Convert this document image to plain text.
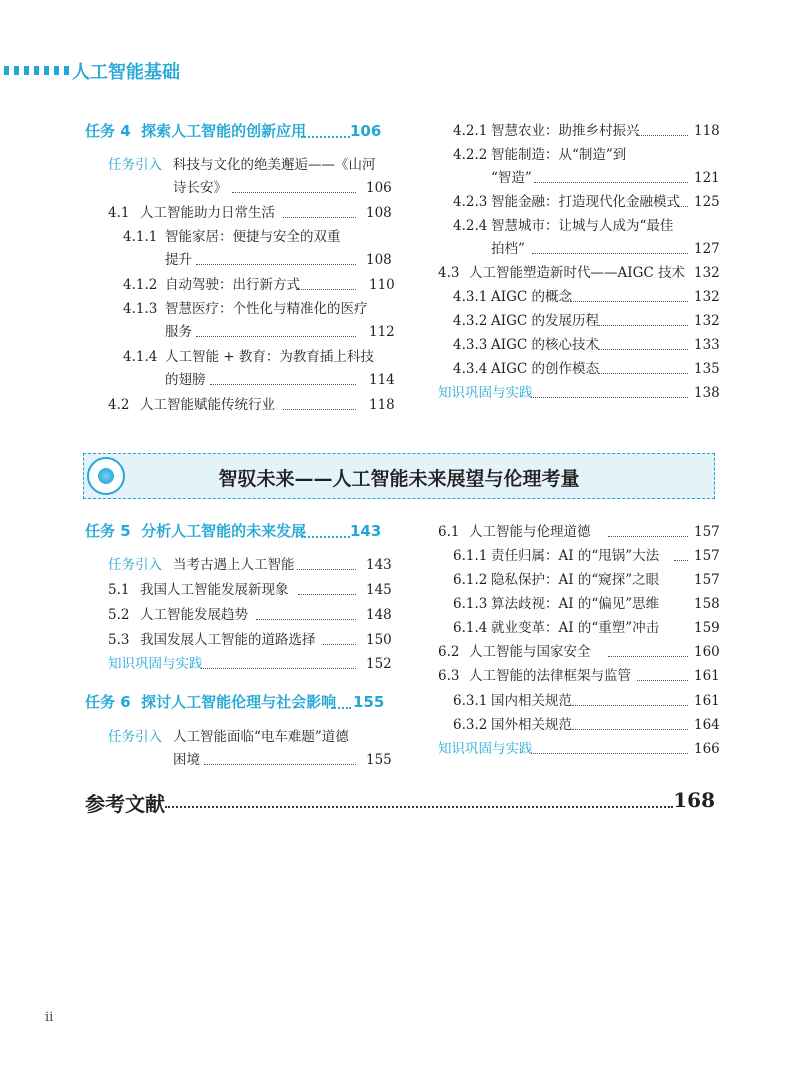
人工智能基础
任务 4 探索人工智能的创新应用	106
任务引入 科技与文化的绝美邂逅——《山河
诗长安》	106
4.1 人工智能助力日常生活	108
4.1.1 智能家居：便捷与安全的双重
提升	108
4.1.2 自动驾驶：出行新方式	110
4.1.3 智慧医疗：个性化与精准化的医疗
服务	112
4.1.4 人工智能 + 教育：为教育插上科技
的翅膀	114
4.2 人工智能赋能传统行业	118
4.2.1 智慧农业：助推乡村振兴	118
4.2.2 智能制造：从“制造”到
“智造”	121
4.2.3 智能金融：打造现代化金融模式 125
4.2.4 智慧城市：让城与人成为“最佳
拍档”	127
4.3 人工智能塑造新时代——AIGC 技术 132
4.3.1 AIGC 的概念	132
4.3.2 AIGC 的发展历程	132
4.3.3 AIGC 的核心技术	133
4.3.4 AIGC 的创作模态	135
知识巩固与实践	138
智驭未来——人工智能未来展望与伦理考量
任务 5 分析人工智能的未来发展	143
任务引入 当考古遇上人工智能	143
5.1 我国人工智能发展新现象	145
5.2 人工智能发展趋势	148
5.3 我国发展人工智能的道路选择	150
知识巩固与实践	152
任务 6 探讨人工智能伦理与社会影响 155
任务引入 人工智能面临“电车难题”道德
困境	155
6.1 人工智能与伦理道德	157
6.1.1 责任归属：AI 的“甩锅”大法	157
6.1.2 隐私保护：AI 的“窥探”之眼	157
6.1.3 算法歧视：AI 的“偏见”思维	158
6.1.4 就业变革：AI 的“重塑”冲击	159
6.2 人工智能与国家安全	160
6.3 人工智能的法律框架与监管	161
6.3.1 国内相关规范	161
6.3.2 国外相关规范	164
知识巩固与实践	166
参考文献	168
ii
